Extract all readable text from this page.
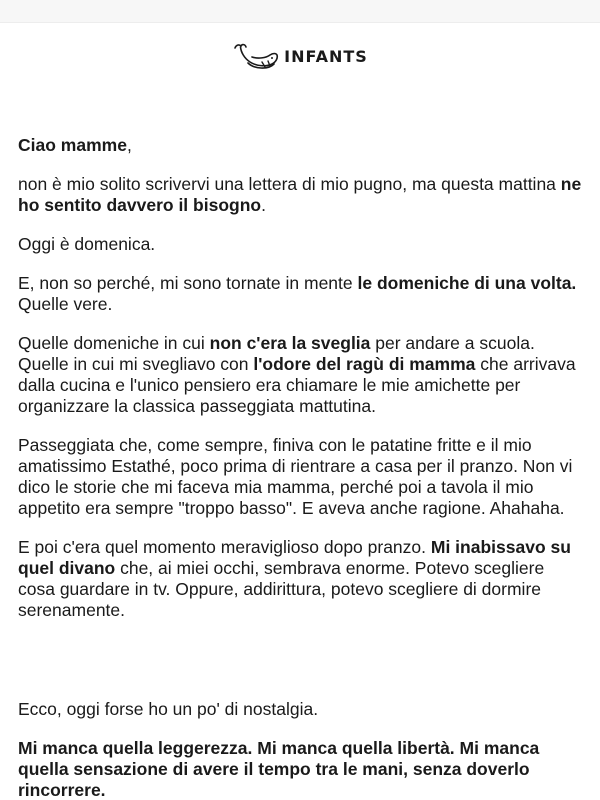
INFANTS

Ciao mamme,

non è mio solito scrivervi una lettera di mio pugno, ma questa mattina ne ho sentito davvero il bisogno.

Oggi è domenica.

E, non so perché, mi sono tornate in mente le domeniche di una volta. Quelle vere.

Quelle domeniche in cui non c'era la sveglia per andare a scuola. Quelle in cui mi svegliavo con l'odore del ragù di mamma che arrivava dalla cucina e l'unico pensiero era chiamare le mie amichette per organizzare la classica passeggiata mattutina.

Passeggiata che, come sempre, finiva con le patatine fritte e il mio amatissimo Estathé, poco prima di rientrare a casa per il pranzo. Non vi dico le storie che mi faceva mia mamma, perché poi a tavola il mio appetito era sempre "troppo basso". E aveva anche ragione. Ahahaha.

E poi c'era quel momento meraviglioso dopo pranzo. Mi inabissavo su quel divano che, ai miei occhi, sembrava enorme. Potevo scegliere cosa guardare in tv. Oppure, addirittura, potevo scegliere di dormire serenamente.

Ecco, oggi forse ho un po' di nostalgia.

Mi manca quella leggerezza. Mi manca quella libertà. Mi manca quella sensazione di avere il tempo tra le mani, senza doverlo rincorrere.
